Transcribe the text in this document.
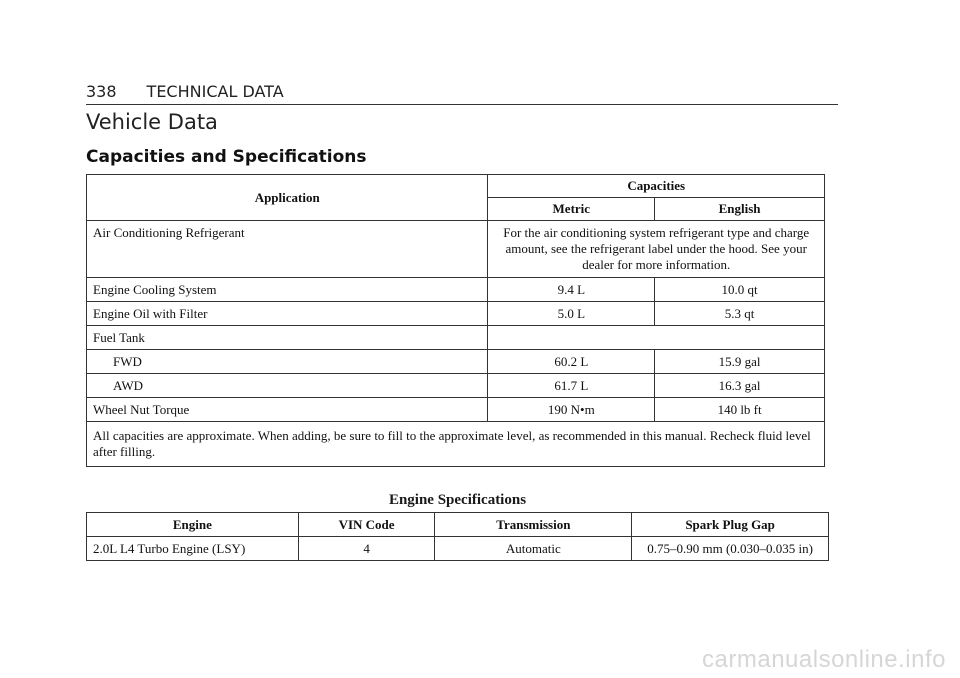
338 TECHNICAL DATA
Vehicle Data
Capacities and Specifications
Application	Capacities	
	Metric	English
Air Conditioning Refrigerant	For the air conditioning system refrigerant type and charge amount, see the refrigerant label under the hood. See your dealer for more information.	
Engine Cooling System	9.4 L	10.0 qt
Engine Oil with Filter	5.0 L	5.3 qt
Fuel Tank		
FWD	60.2 L	15.9 gal
AWD	61.7 L	16.3 gal
Wheel Nut Torque	190 N•m	140 lb ft
All capacities are approximate. When adding, be sure to fill to the approximate level, as recommended in this manual. Recheck fluid level after filling.		
Engine Specifications
Engine	VIN Code	Transmission	Spark Plug Gap
2.0L L4 Turbo Engine (LSY)	4	Automatic	0.75–0.90 mm (0.030–0.035 in)
carmanualsonline.info
